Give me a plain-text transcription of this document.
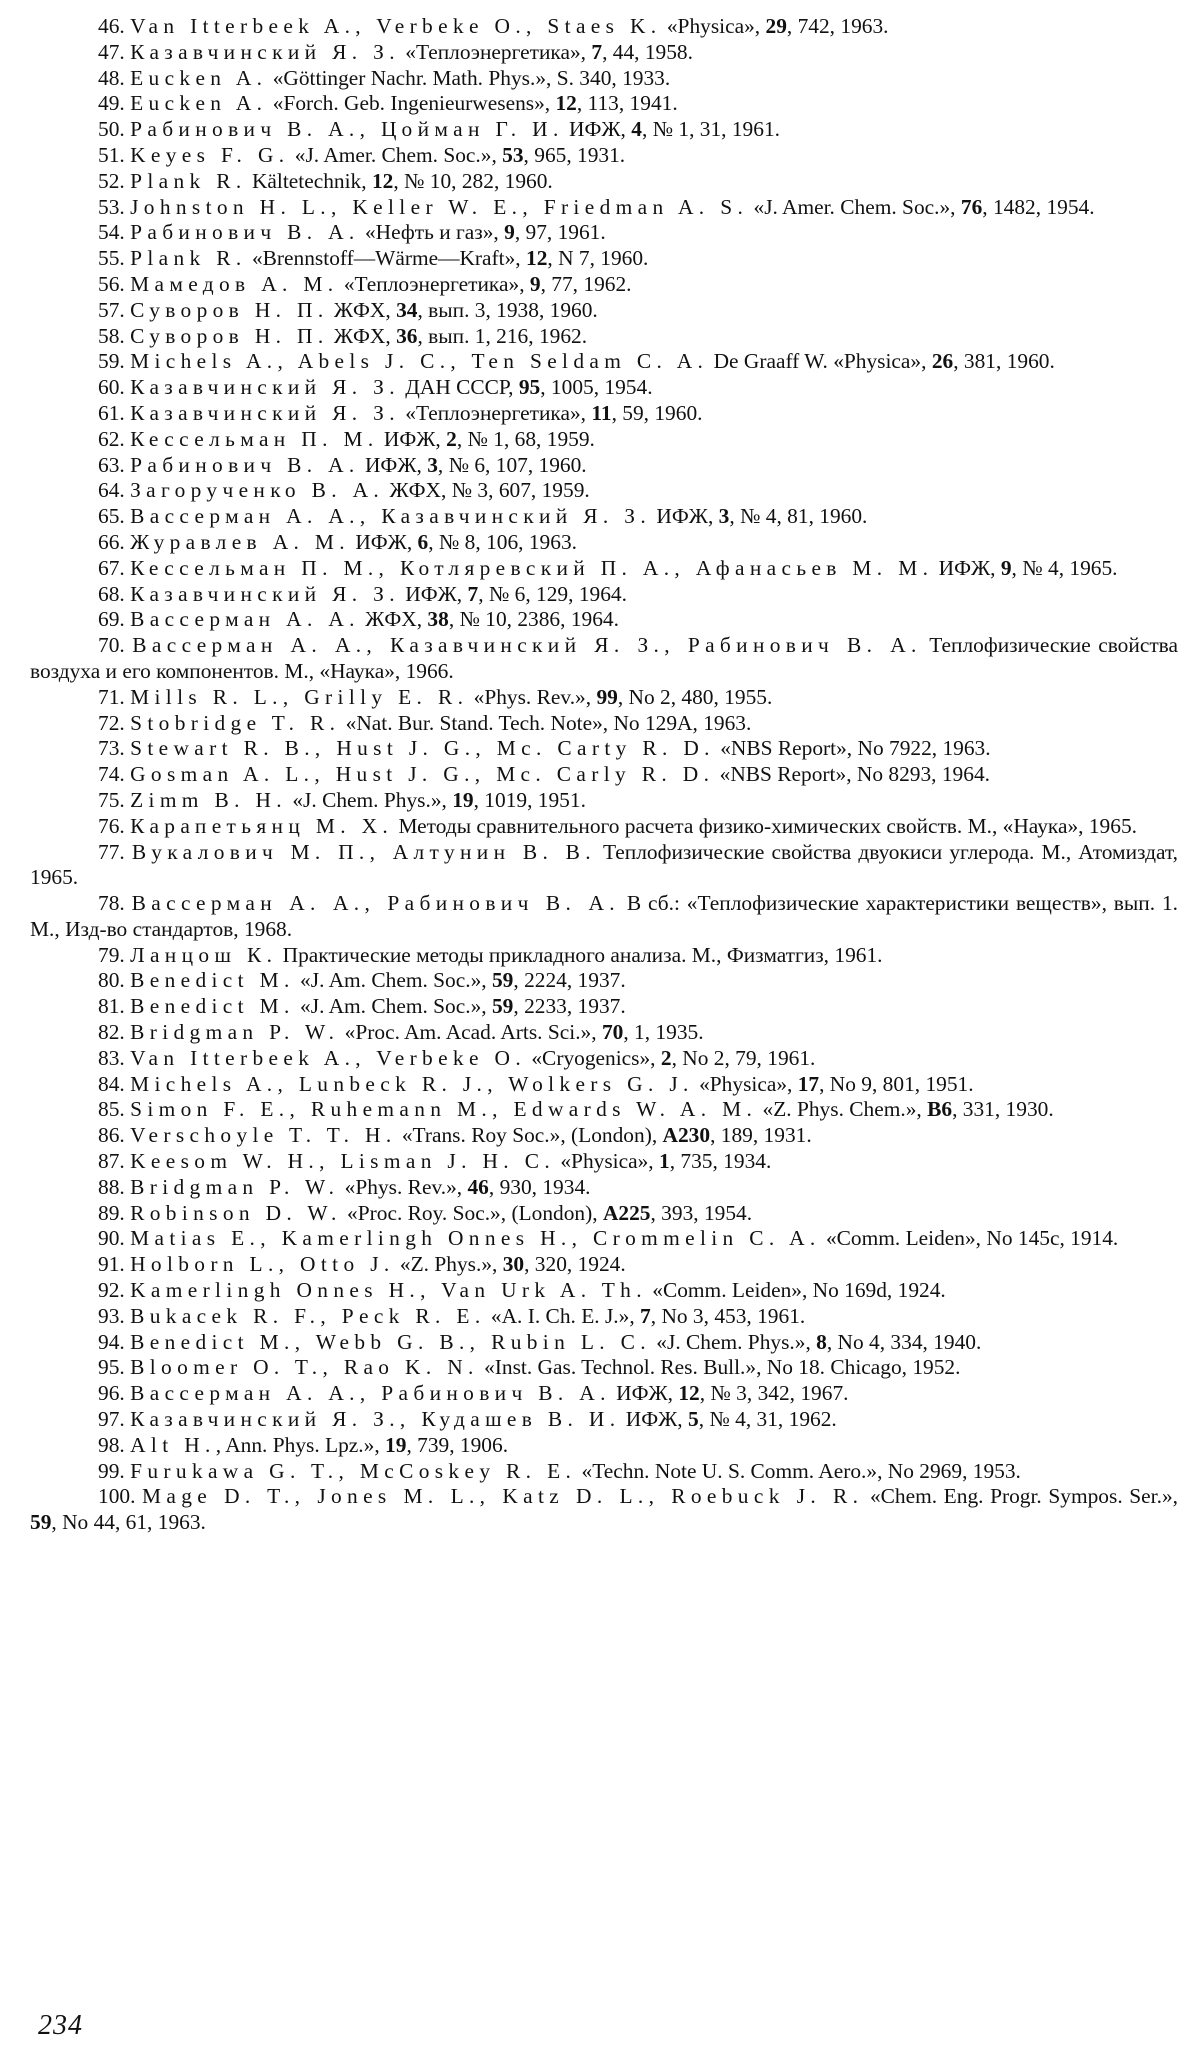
46. Van Itterbeek A., Verbeke O., Staes K. «Physica», 29, 742, 1963.

47. Казавчинский Я. З. «Теплоэнергетика», 7, 44, 1958.

48. Eucken A. «Göttinger Nachr. Math. Phys.», S. 340, 1933.

49. Eucken A. «Forch. Geb. Ingenieurwesens», 12, 113, 1941.

50. Рабинович В. А., Цойман Г. И. ИФЖ, 4, № 1, 31, 1961.

51. Keyes F. G. «J. Amer. Chem. Soc.», 53, 965, 1931.

52. Plank R. Kältetechnik, 12, № 10, 282, 1960.

53. Johnston H. L., Keller W. E., Friedman A. S. «J. Amer. Chem. Soc.», 76, 1482, 1954.

54. Рабинович В. А. «Нефть и газ», 9, 97, 1961.

55. Plank R. «Brennstoff—Wärme—Kraft», 12, N 7, 1960.

56. Мамедов А. М. «Теплоэнергетика», 9, 77, 1962.

57. Суворов Н. П. ЖФХ, 34, вып. 3, 1938, 1960.

58. Суворов Н. П. ЖФХ, 36, вып. 1, 216, 1962.

59. Michels A., Abels J. C., Ten Seldam C. A. De Graaff W. «Physica», 26, 381, 1960.

60. Казавчинский Я. З. ДАН СССР, 95, 1005, 1954.

61. Казавчинский Я. З. «Теплоэнергетика», 11, 59, 1960.

62. Кессельман П. М. ИФЖ, 2, № 1, 68, 1959.

63. Рабинович В. А. ИФЖ, 3, № 6, 107, 1960.

64. Загорученко В. А. ЖФХ, № 3, 607, 1959.

65. Вассерман А. А., Казавчинский Я. З. ИФЖ, 3, № 4, 81, 1960.

66. Журавлев А. М. ИФЖ, 6, № 8, 106, 1963.

67. Кессельман П. М., Котляревский П. А., Афанасьев М. М. ИФЖ, 9, № 4, 1965.

68. Казавчинский Я. З. ИФЖ, 7, № 6, 129, 1964.

69. Вассерман А. А. ЖФХ, 38, № 10, 2386, 1964.

70. Вассерман А. А., Казавчинский Я. З., Рабинович В. А. Теплофизические свойства воздуха и его компонентов. М., «Наука», 1966.

71. Mills R. L., Grilly E. R. «Phys. Rev.», 99, No 2, 480, 1955.

72. Stobridge T. R. «Nat. Bur. Stand. Tech. Note», No 129A, 1963.

73. Stewart R. B., Hust J. G., Mc. Carty R. D. «NBS Report», No 7922, 1963.

74. Gosman A. L., Hust J. G., Mc. Carly R. D. «NBS Report», No 8293, 1964.

75. Zimm B. H. «J. Chem. Phys.», 19, 1019, 1951.

76. Карапетьянц М. Х. Методы сравнительного расчета физико-химических свойств. М., «Наука», 1965.

77. Вукалович М. П., Алтунин В. В. Теплофизические свойства двуокиси углерода. М., Атомиздат, 1965.

78. Вассерман А. А., Рабинович В. А. В сб.: «Теплофизические характеристики веществ», вып. 1. М., Изд-во стандартов, 1968.

79. Ланцош К. Практические методы прикладного анализа. М., Физматгиз, 1961.

80. Benedict M. «J. Am. Chem. Soc.», 59, 2224, 1937.

81. Benedict M. «J. Am. Chem. Soc.», 59, 2233, 1937.

82. Bridgman P. W. «Proc. Am. Acad. Arts. Sci.», 70, 1, 1935.

83. Van Itterbeek A., Verbeke O. «Cryogenics», 2, No 2, 79, 1961.

84. Michels A., Lunbeck R. J., Wolkers G. J. «Physica», 17, No 9, 801, 1951.

85. Simon F. E., Ruhemann M., Edwards W. A. M. «Z. Phys. Chem.», B6, 331, 1930.

86. Verschoyle T. T. H. «Trans. Roy Soc.», (London), A230, 189, 1931.

87. Keesom W. H., Lisman J. H. C. «Physica», 1, 735, 1934.

88. Bridgman P. W. «Phys. Rev.», 46, 930, 1934.

89. Robinson D. W. «Proc. Roy. Soc.», (London), A225, 393, 1954.

90. Matias E., Kamerlingh Onnes H., Crommelin C. A. «Comm. Leiden», No 145c, 1914.

91. Holborn L., Otto J. «Z. Phys.», 30, 320, 1924.

92. Kamerlingh Onnes H., Van Urk A. Th. «Comm. Leiden», No 169d, 1924.

93. Bukacek R. F., Peck R. E. «A. I. Ch. E. J.», 7, No 3, 453, 1961.

94. Benedict M., Webb G. B., Rubin L. C. «J. Chem. Phys.», 8, No 4, 334, 1940.

95. Bloomer O. T., Rao K. N. «Inst. Gas. Technol. Res. Bull.», No 18. Chicago, 1952.

96. Вассерман А. А., Рабинович В. А. ИФЖ, 12, № 3, 342, 1967.

97. Казавчинский Я. З., Кудашев В. И. ИФЖ, 5, № 4, 31, 1962.

98. Alt H., Ann. Phys. Lpz.», 19, 739, 1906.

99. Furukawa G. T., McCoskey R. E. «Techn. Note U. S. Comm. Aero.», No 2969, 1953.

100. Mage D. T., Jones M. L., Katz D. L., Roebuck J. R. «Chem. Eng. Progr. Sympos. Ser.», 59, No 44, 61, 1963.

234
